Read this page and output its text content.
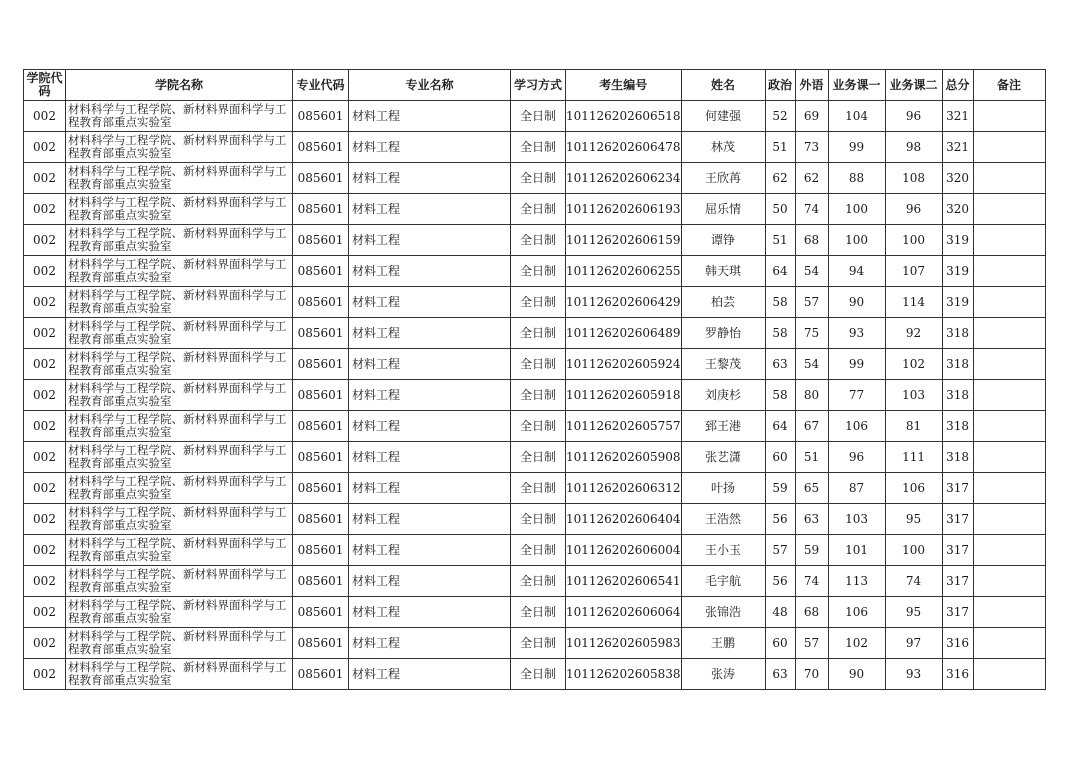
学院代码	学院名称	专业代码	专业名称	学习方式	考生编号	姓名	政治	外语	业务课一	业务课二	总分	备注
002	材料科学与工程学院、新材料界面科学与工程教育部重点实验室	085601	材料工程	全日制	101126202606518	何建强	52	69	104	96	321	
002	材料科学与工程学院、新材料界面科学与工程教育部重点实验室	085601	材料工程	全日制	101126202606478	林茂	51	73	99	98	321	
002	材料科学与工程学院、新材料界面科学与工程教育部重点实验室	085601	材料工程	全日制	101126202606234	王欣苒	62	62	88	108	320	
002	材料科学与工程学院、新材料界面科学与工程教育部重点实验室	085601	材料工程	全日制	101126202606193	屈乐情	50	74	100	96	320	
002	材料科学与工程学院、新材料界面科学与工程教育部重点实验室	085601	材料工程	全日制	101126202606159	谭铮	51	68	100	100	319	
002	材料科学与工程学院、新材料界面科学与工程教育部重点实验室	085601	材料工程	全日制	101126202606255	韩天琪	64	54	94	107	319	
002	材料科学与工程学院、新材料界面科学与工程教育部重点实验室	085601	材料工程	全日制	101126202606429	柏芸	58	57	90	114	319	
002	材料科学与工程学院、新材料界面科学与工程教育部重点实验室	085601	材料工程	全日制	101126202606489	罗静怡	58	75	93	92	318	
002	材料科学与工程学院、新材料界面科学与工程教育部重点实验室	085601	材料工程	全日制	101126202605924	王黎茂	63	54	99	102	318	
002	材料科学与工程学院、新材料界面科学与工程教育部重点实验室	085601	材料工程	全日制	101126202605918	刘庚杉	58	80	77	103	318	
002	材料科学与工程学院、新材料界面科学与工程教育部重点实验室	085601	材料工程	全日制	101126202605757	郅王港	64	67	106	81	318	
002	材料科学与工程学院、新材料界面科学与工程教育部重点实验室	085601	材料工程	全日制	101126202605908	张艺潇	60	51	96	111	318	
002	材料科学与工程学院、新材料界面科学与工程教育部重点实验室	085601	材料工程	全日制	101126202606312	叶扬	59	65	87	106	317	
002	材料科学与工程学院、新材料界面科学与工程教育部重点实验室	085601	材料工程	全日制	101126202606404	王浩然	56	63	103	95	317	
002	材料科学与工程学院、新材料界面科学与工程教育部重点实验室	085601	材料工程	全日制	101126202606004	王小玉	57	59	101	100	317	
002	材料科学与工程学院、新材料界面科学与工程教育部重点实验室	085601	材料工程	全日制	101126202606541	毛宇航	56	74	113	74	317	
002	材料科学与工程学院、新材料界面科学与工程教育部重点实验室	085601	材料工程	全日制	101126202606064	张锦浩	48	68	106	95	317	
002	材料科学与工程学院、新材料界面科学与工程教育部重点实验室	085601	材料工程	全日制	101126202605983	王鹏	60	57	102	97	316	
002	材料科学与工程学院、新材料界面科学与工程教育部重点实验室	085601	材料工程	全日制	101126202605838	张涛	63	70	90	93	316	
